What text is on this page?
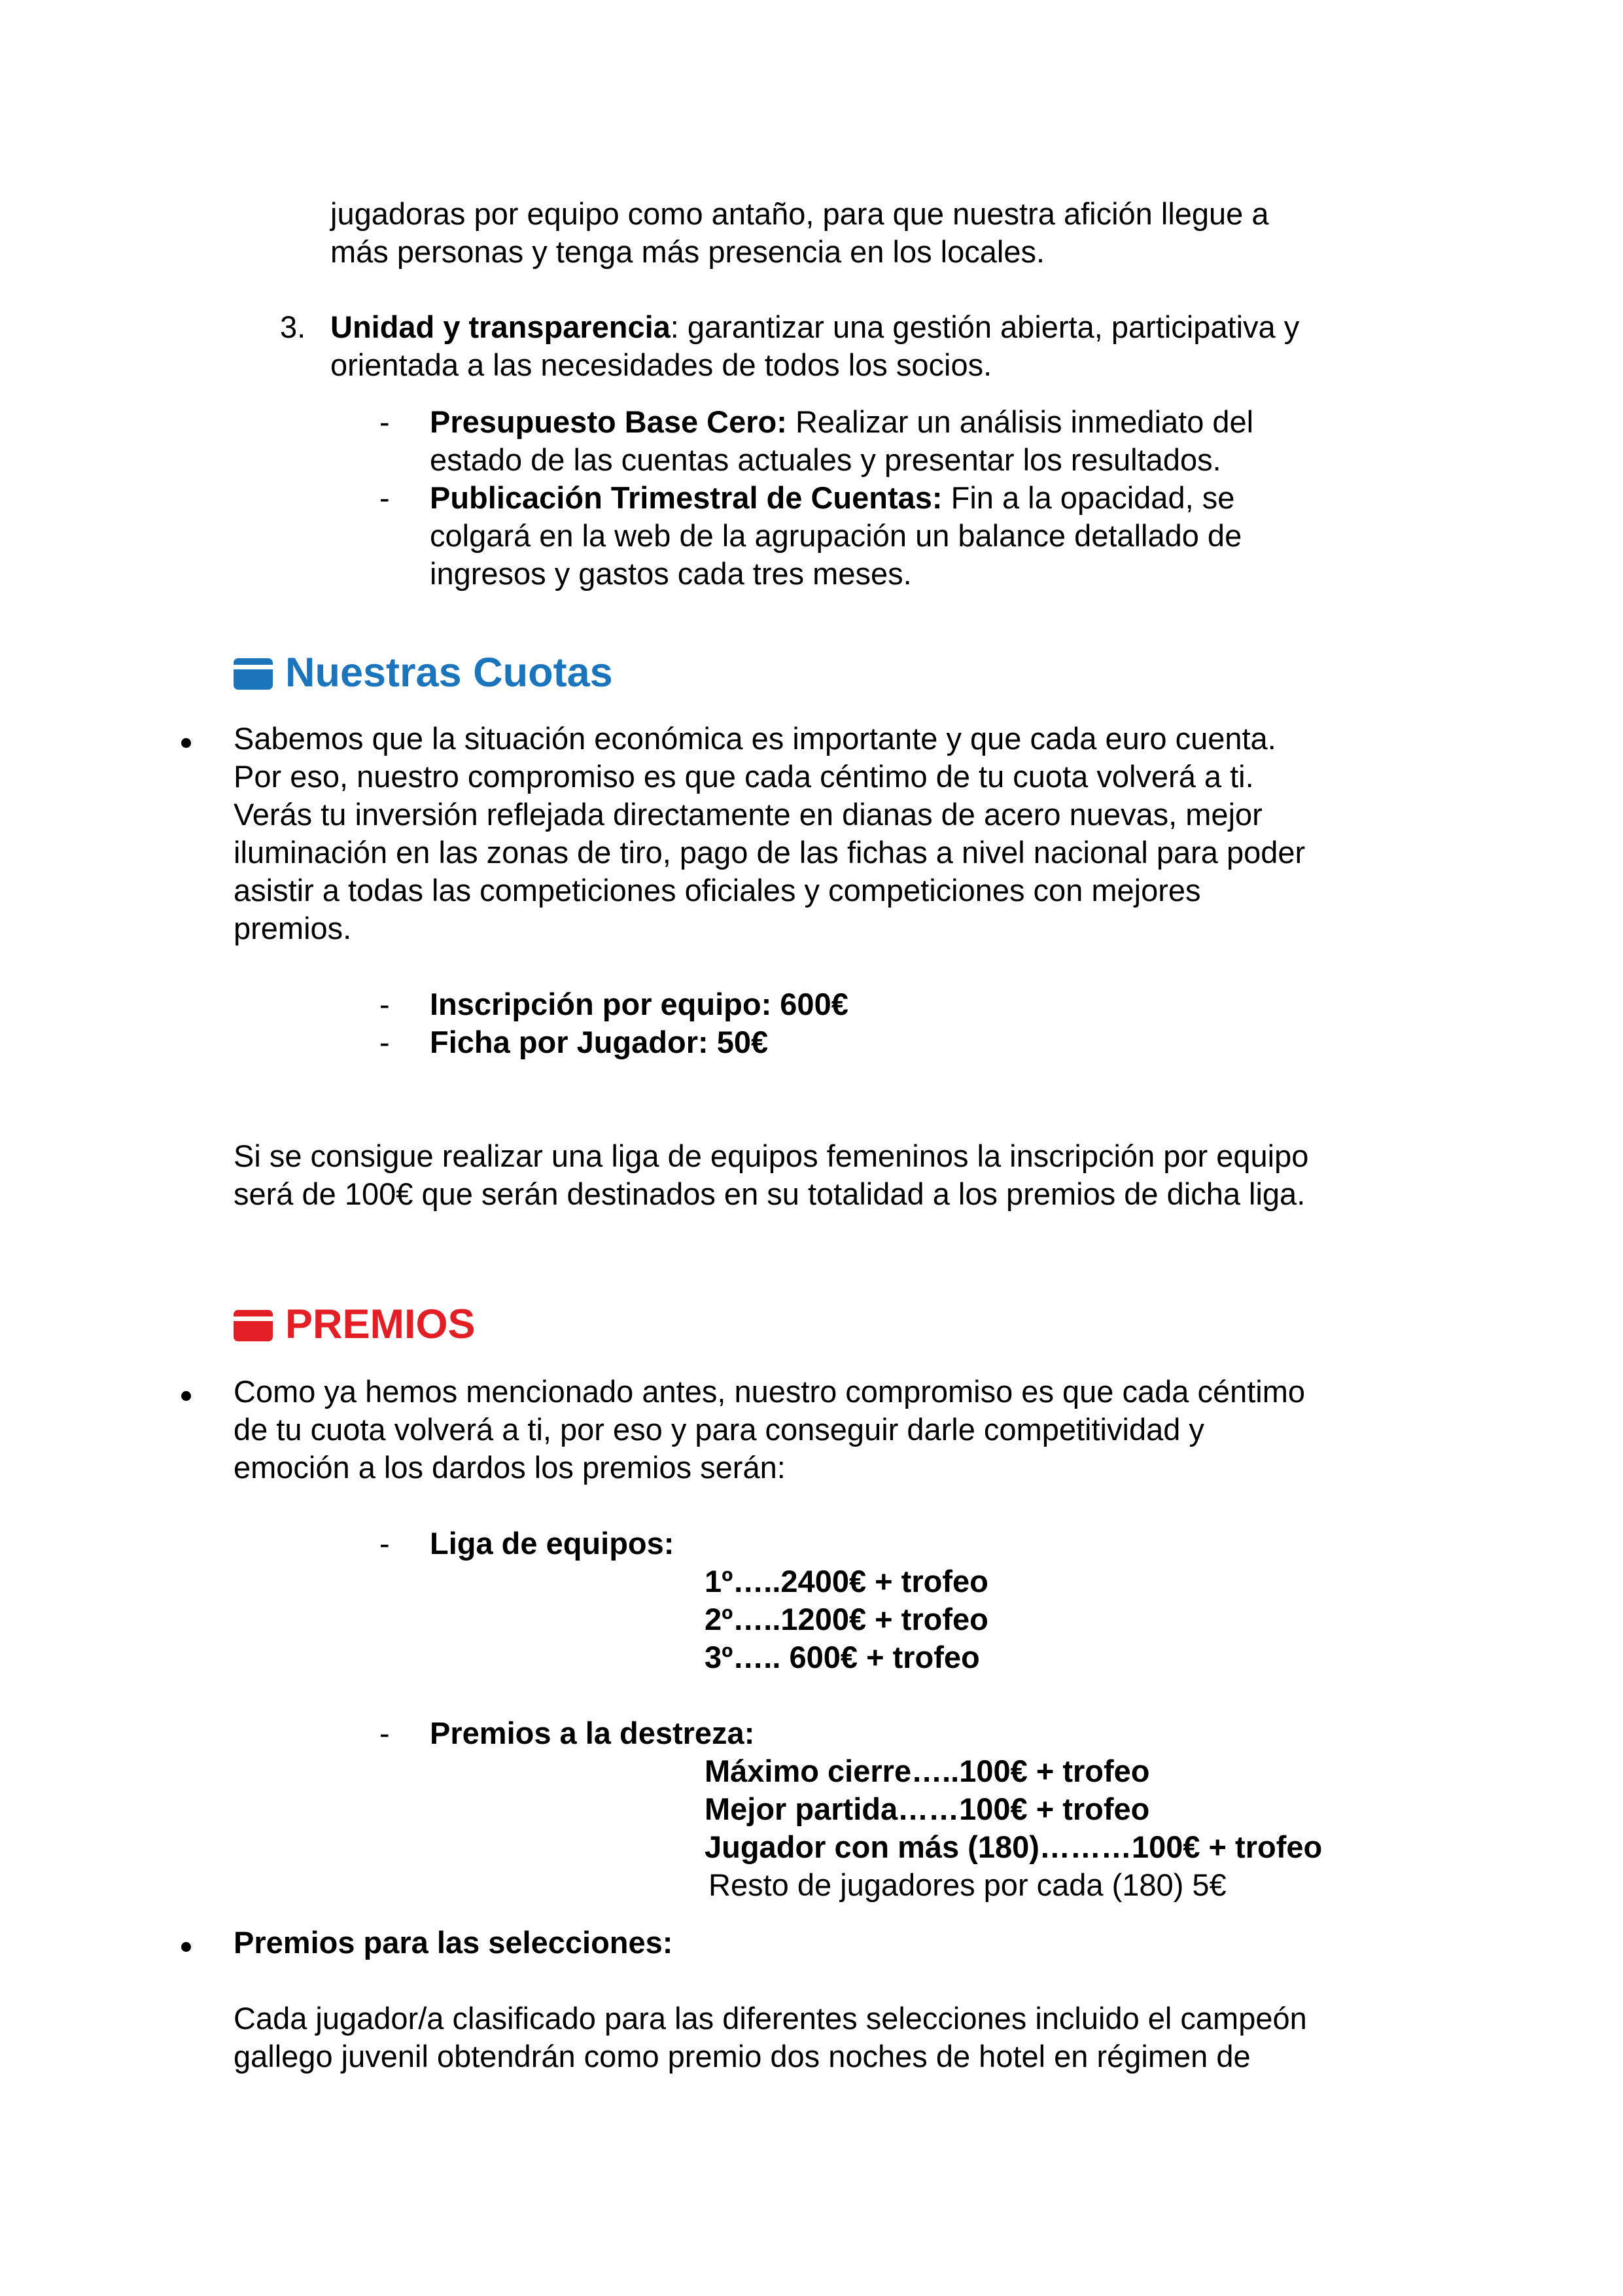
jugadoras por equipo como antaño, para que nuestra afición llegue a
más personas y tenga más presencia en los locales.
3. Unidad y transparencia: garantizar una gestión abierta, participativa y
orientada a las necesidades de todos los socios.
- Presupuesto Base Cero: Realizar un análisis inmediato del
estado de las cuentas actuales y presentar los resultados.
- Publicación Trimestral de Cuentas: Fin a la opacidad, se
colgará en la web de la agrupación un balance detallado de
ingresos y gastos cada tres meses.
Nuestras Cuotas
Sabemos que la situación económica es importante y que cada euro cuenta.
Por eso, nuestro compromiso es que cada céntimo de tu cuota volverá a ti.
Verás tu inversión reflejada directamente en dianas de acero nuevas, mejor
iluminación en las zonas de tiro, pago de las fichas a nivel nacional para poder
asistir a todas las competiciones oficiales y competiciones con mejores
premios.
- Inscripción por equipo: 600€
- Ficha por Jugador: 50€
Si se consigue realizar una liga de equipos femeninos la inscripción por equipo
será de 100€ que serán destinados en su totalidad a los premios de dicha liga.
PREMIOS
Como ya hemos mencionado antes, nuestro compromiso es que cada céntimo
de tu cuota volverá a ti, por eso y para conseguir darle competitividad y
emoción a los dardos los premios serán:
- Liga de equipos:
1º…..2400€ + trofeo
2º…..1200€ + trofeo
3º….. 600€ + trofeo
- Premios a la destreza:
Máximo cierre…..100€ + trofeo
Mejor partida……100€ + trofeo
Jugador con más (180)………100€ + trofeo
Resto de jugadores por cada (180) 5€
Premios para las selecciones:
Cada jugador/a clasificado para las diferentes selecciones incluido el campeón
gallego juvenil obtendrán como premio dos noches de hotel en régimen de
